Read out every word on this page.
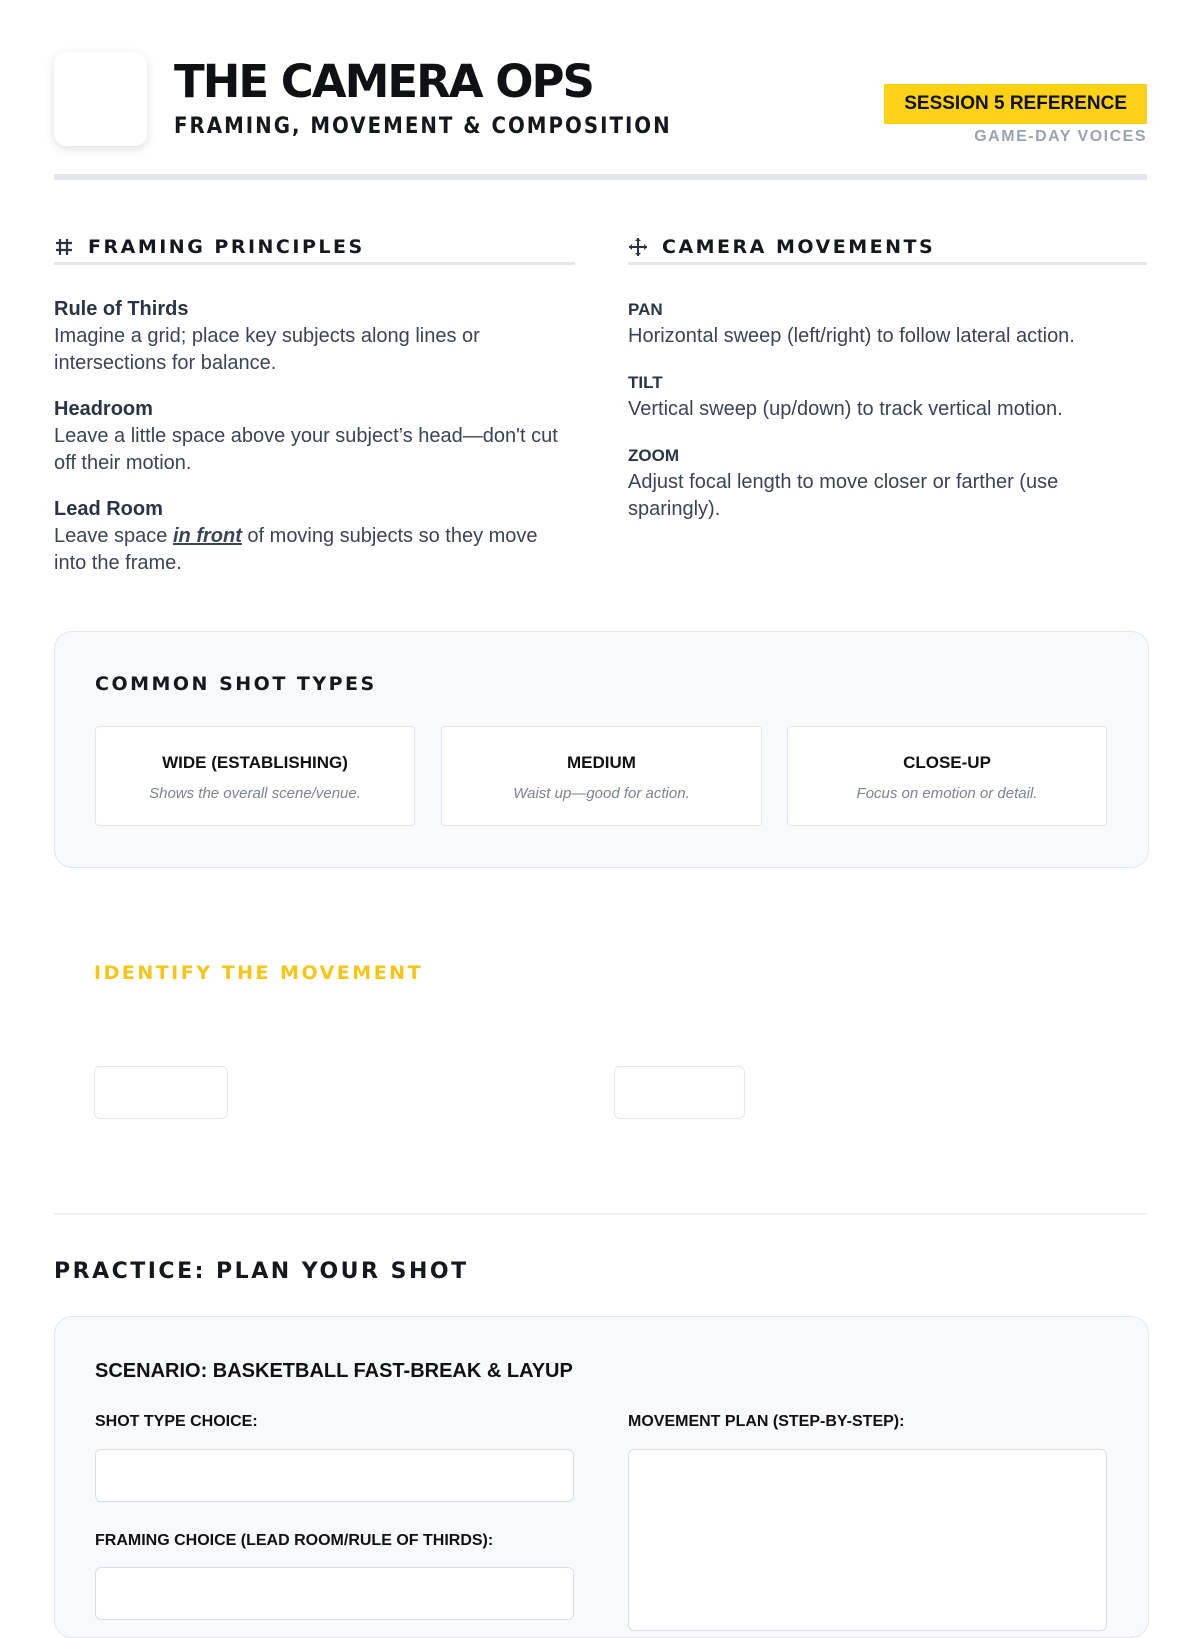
THE CAMERA OPS
FRAMING, MOVEMENT & COMPOSITION
SESSION 5 REFERENCE
GAME-DAY VOICES
FRAMING PRINCIPLES
Rule of Thirds
Imagine a grid; place key subjects along lines or intersections for balance.
Headroom
Leave a little space above your subject’s head—don't cut off their motion.
Lead Room
Leave space in front of moving subjects so they move into the frame.
CAMERA MOVEMENTS
PAN
Horizontal sweep (left/right) to follow lateral action.
TILT
Vertical sweep (up/down) to track vertical motion.
ZOOM
Adjust focal length to move closer or farther (use sparingly).
COMMON SHOT TYPES
WIDE (ESTABLISHING)
Shows the overall scene/venue.
MEDIUM
Waist up—good for action.
CLOSE-UP
Focus on emotion or detail.
IDENTIFY THE MOVEMENT
PRACTICE: PLAN YOUR SHOT
SCENARIO: BASKETBALL FAST-BREAK & LAYUP
SHOT TYPE CHOICE:
FRAMING CHOICE (LEAD ROOM/RULE OF THIRDS):
MOVEMENT PLAN (STEP-BY-STEP):
